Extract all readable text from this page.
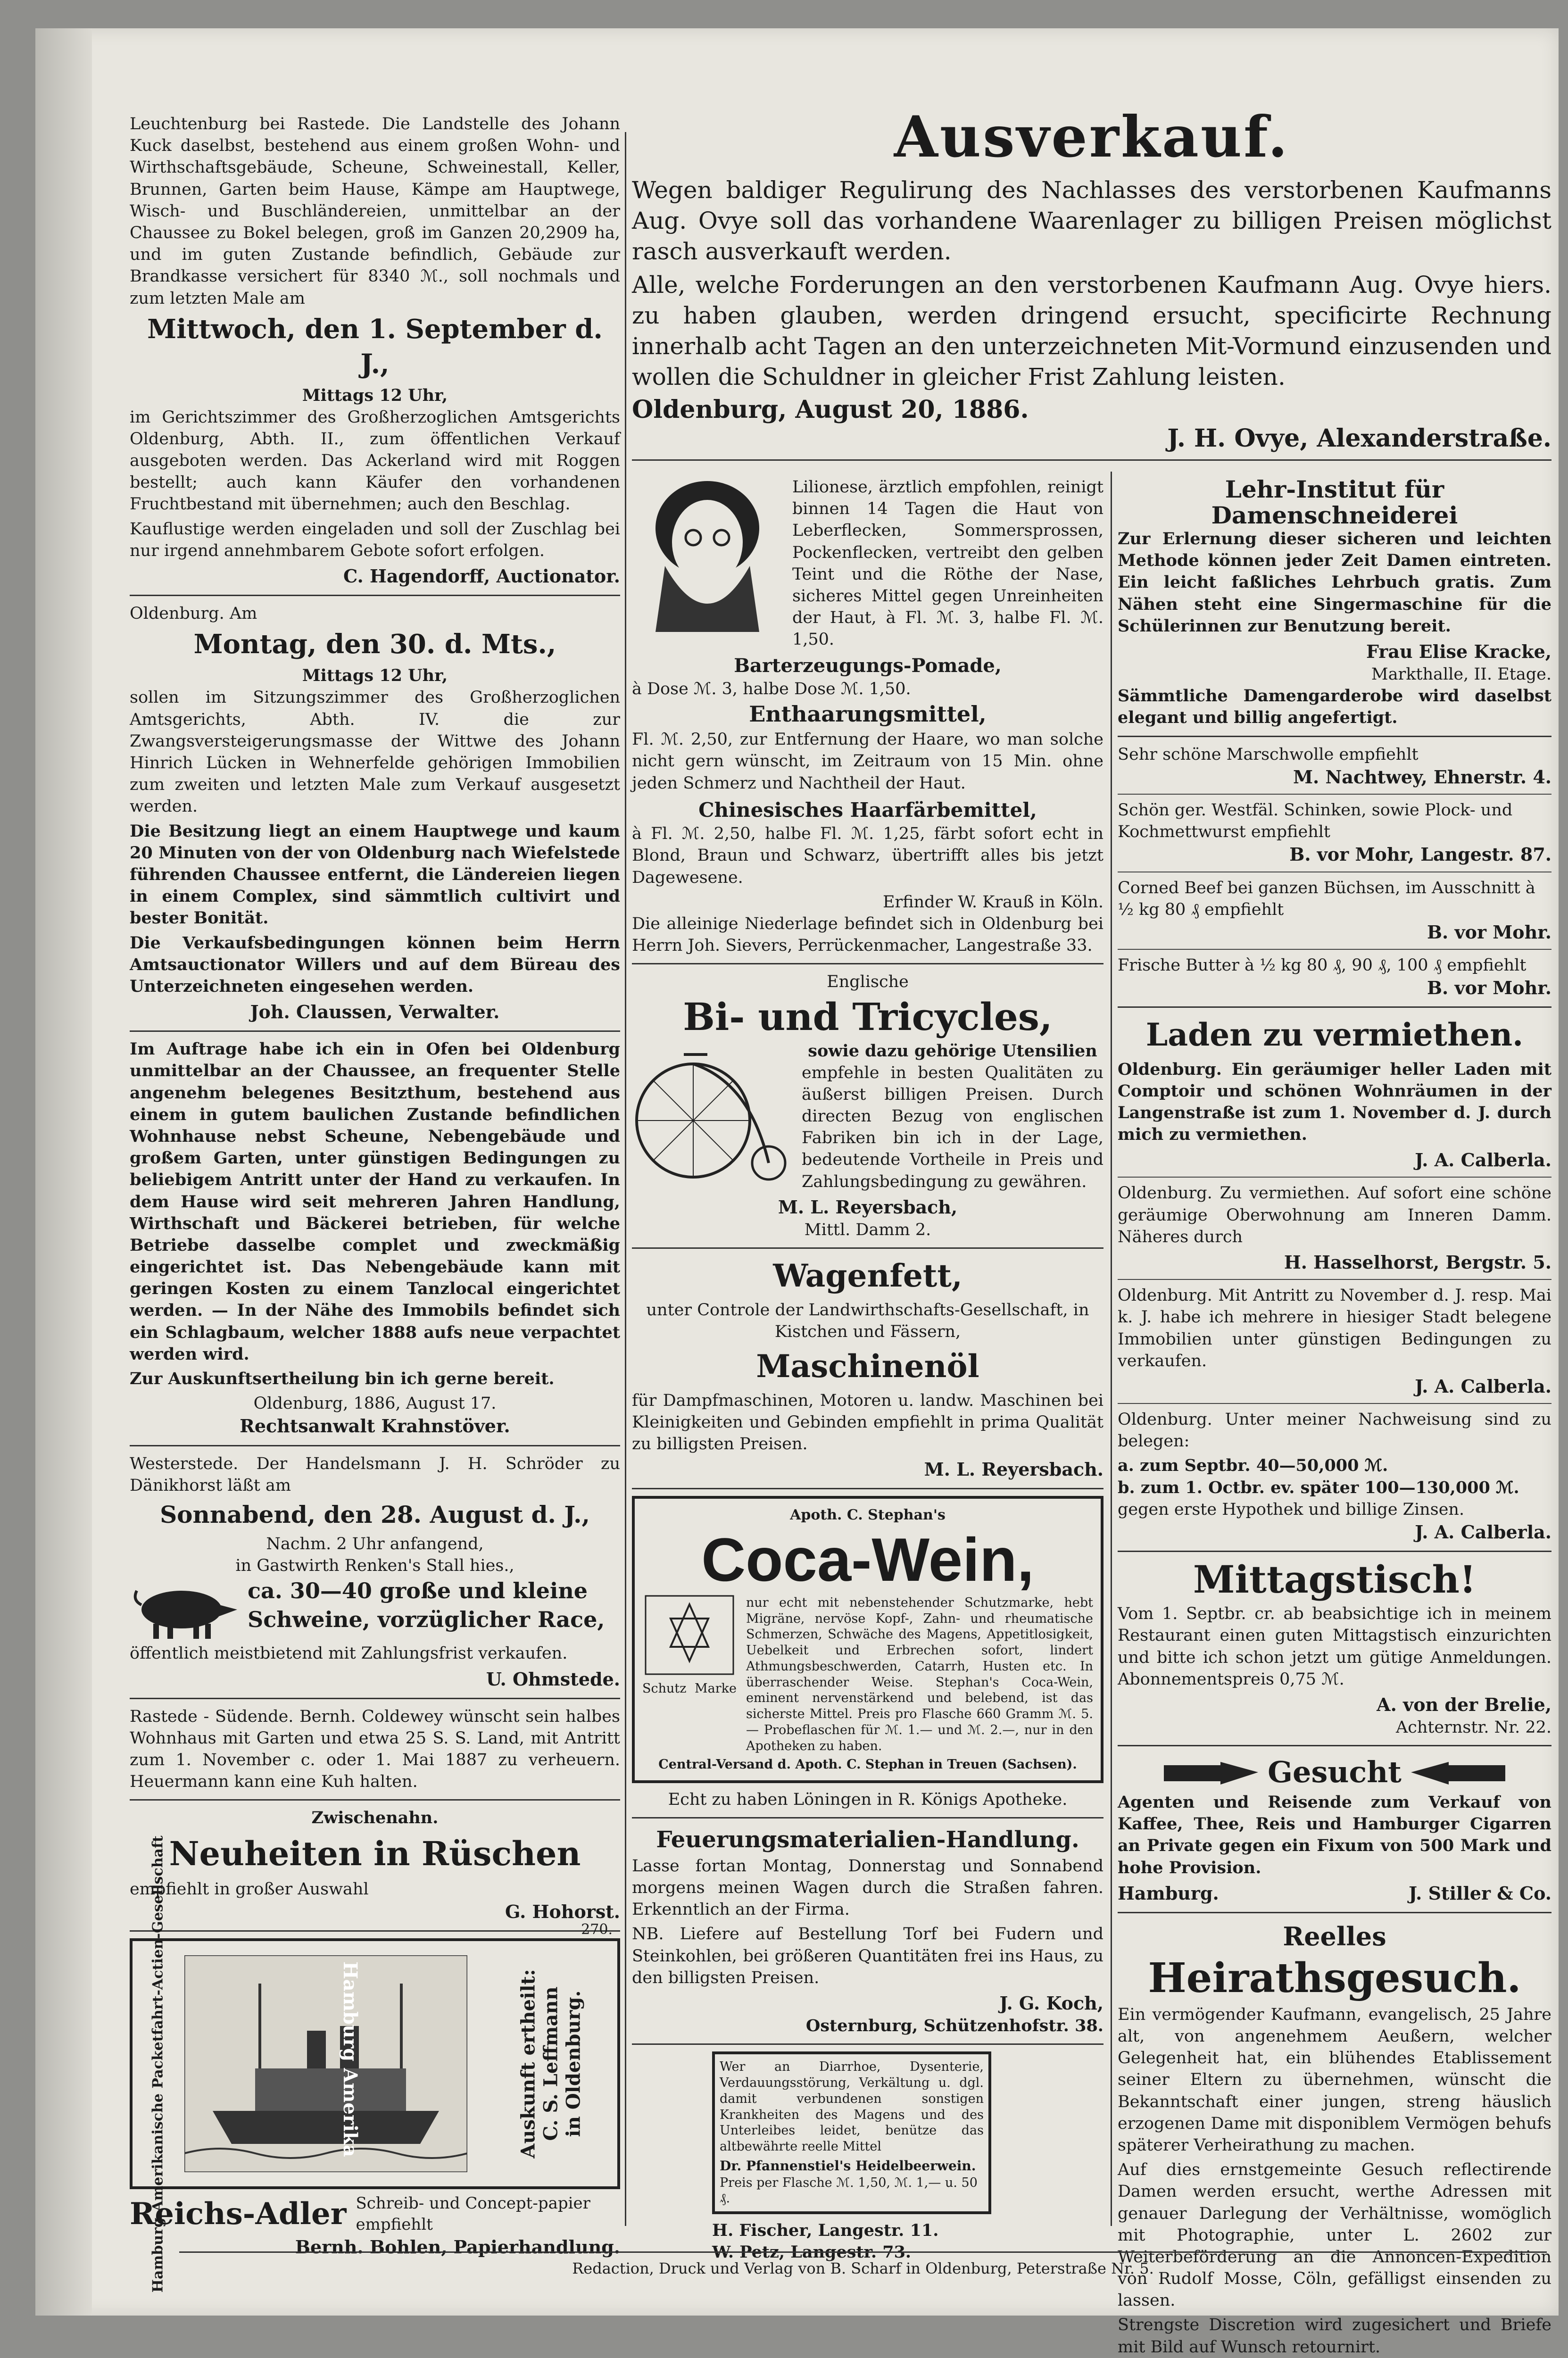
Ausverkauf.

Wegen baldiger Regulirung des Nachlasses des verstorbenen Kaufmanns Aug. Ovye soll das vorhandene Waarenlager zu billigen Preisen möglichst rasch ausverkauft werden.

Alle, welche Forderungen an den verstorbenen Kaufmann Aug. Ovye hiers. zu haben glauben, werden dringend ersucht, specificirte Rechnung innerhalb acht Tagen an den unterzeichneten Mit-Vormund einzusenden und wollen die Schuldner in gleicher Frist Zahlung leisten.

Oldenburg, August 20, 1886.
J. H. Ovye, Alexanderstraße.

Leuchtenburg bei Rastede. Die Landstelle des Johann Kuck daselbst, bestehend aus einem großen Wohn- und Wirthschaftsgebäude, Scheune, Schweinestall, Keller, Brunnen, Garten beim Hause, Kämpe am Hauptwege, Wisch- und Buschländereien, unmittelbar an der Chaussee zu Bokel belegen, groß im Ganzen 20,2909 ha, und im guten Zustande befindlich, Gebäude zur Brandkasse versichert für 8340 ℳ., soll nochmals und zum letzten Male am

Mittwoch, den 1. September d. J.,
Mittags 12 Uhr,

im Gerichtszimmer des Großherzoglichen Amtsgerichts Oldenburg, Abth. II., zum öffentlichen Verkauf ausgeboten werden. Das Ackerland wird mit Roggen bestellt; auch kann Käufer den vorhandenen Fruchtbestand mit übernehmen; auch den Beschlag.

Kauflustige werden eingeladen und soll der Zuschlag bei nur irgend annehmbarem Gebote sofort erfolgen.

C. Hagendorff, Auctionator.
Oldenburg. Am
Montag, den 30. d. Mts.,
Mittags 12 Uhr,

sollen im Sitzungszimmer des Großherzoglichen Amtsgerichts, Abth. IV. die zur Zwangsversteigerungsmasse der Wittwe des Johann Hinrich Lücken in Wehnerfelde gehörigen Immobilien zum zweiten und letzten Male zum Verkauf ausgesetzt werden.

Die Besitzung liegt an einem Hauptwege und kaum 20 Minuten von der von Oldenburg nach Wiefelstede führenden Chaussee entfernt, die Ländereien liegen in einem Complex, sind sämmtlich cultivirt und bester Bonität.

Die Verkaufsbedingungen können beim Herrn Amtsauctionator Willers und auf dem Büreau des Unterzeichneten eingesehen werden.

Joh. Claussen, Verwalter.

Im Auftrage habe ich ein in Ofen bei Oldenburg unmittelbar an der Chaussee, an frequenter Stelle angenehm belegenes Besitzthum, bestehend aus einem in gutem baulichen Zustande befindlichen Wohnhause nebst Scheune, Nebengebäude und großem Garten, unter günstigen Bedingungen zu beliebigem Antritt unter der Hand zu verkaufen. In dem Hause wird seit mehreren Jahren Handlung, Wirthschaft und Bäckerei betrieben, für welche Betriebe dasselbe complet und zweckmäßig eingerichtet ist. Das Nebengebäude kann mit geringen Kosten zu einem Tanzlocal eingerichtet werden. — In der Nähe des Immobils befindet sich ein Schlagbaum, welcher 1888 aufs neue verpachtet werden wird.

Zur Auskunftsertheilung bin ich gerne bereit.

Oldenburg, 1886, August 17.
Rechtsanwalt Krahnstöver.

Westerstede. Der Handelsmann J. H. Schröder zu Dänikhorst läßt am

Sonnabend, den 28. August d. J.,
Nachm. 2 Uhr anfangend,
in Gastwirth Renken's Stall hies.,
ca. 30—40 große und kleine Schweine, vorzüglicher Race,

öffentlich meistbietend mit Zahlungsfrist verkaufen.

U. Ohmstede.

Rastede - Südende. Bernh. Coldewey wünscht sein halbes Wohnhaus mit Garten und etwa 25 S. S. Land, mit Antritt zum 1. November c. oder 1. Mai 1887 zu verheuern. Heuermann kann eine Kuh halten.

Zwischenahn.
Neuheiten in Rüschen
empfiehlt in großer Auswahl
G. Hohorst.
270.
Hamburg-Amerikanische Packetfahrt-Actien-Gesellschaft	Hamburg Amerika	Auskunft ertheilt: C. S. Leffmann in Oldenburg.
Reichs-Adler Schreib- und Concept-papier empfiehlt
Bernh. Bohlen, Papierhandlung.

Lilionese, ärztlich empfohlen, reinigt binnen 14 Tagen die Haut von Leberflecken, Sommersprossen, Pockenflecken, vertreibt den gelben Teint und die Röthe der Nase, sicheres Mittel gegen Unreinheiten der Haut, à Fl. ℳ. 3, halbe Fl. ℳ. 1,50.

Barterzeugungs-Pomade,
à Dose ℳ. 3, halbe Dose ℳ. 1,50.
Enthaarungsmittel,

Fl. ℳ. 2,50, zur Entfernung der Haare, wo man solche nicht gern wünscht, im Zeitraum von 15 Min. ohne jeden Schmerz und Nachtheil der Haut.

Chinesisches Haarfärbemittel,

à Fl. ℳ. 2,50, halbe Fl. ℳ. 1,25, färbt sofort echt in Blond, Braun und Schwarz, übertrifft alles bis jetzt Dagewesene.

Erfinder W. Krauß in Köln.

Die alleinige Niederlage befindet sich in Oldenburg bei Herrn Joh. Sievers, Perrückenmacher, Langestraße 33.

Englische
Bi- und Tricycles,
sowie dazu gehörige Utensilien

empfehle in besten Qualitäten zu äußerst billigen Preisen. Durch directen Bezug von englischen Fabriken bin ich in der Lage, bedeutende Vortheile in Preis und Zahlungsbedingung zu gewähren.

M. L. Reyersbach,
Mittl. Damm 2.
Wagenfett,
unter Controle der Landwirthschafts-Gesellschaft, in Kistchen und Fässern,
Maschinenöl

für Dampfmaschinen, Motoren u. landw. Maschinen bei Kleinigkeiten und Gebinden empfiehlt in prima Qualität zu billigsten Preisen.

M. L. Reyersbach.
Apoth. C. Stephan's
Coca-Wein,
Schutz Marke

nur echt mit nebenstehender Schutzmarke, hebt Migräne, nervöse Kopf-, Zahn- und rheumatische Schmerzen, Schwäche des Magens, Appetitlosigkeit, Uebelkeit und Erbrechen sofort, lindert Athmungsbeschwerden, Catarrh, Husten etc. In überraschender Weise. Stephan's Coca-Wein, eminent nervenstärkend und belebend, ist das sicherste Mittel. Preis pro Flasche 660 Gramm ℳ. 5.— Probeflaschen für ℳ. 1.— und ℳ. 2.—, nur in den Apotheken zu haben.

Central-Versand d. Apoth. C. Stephan in Treuen (Sachsen).
Echt zu haben Löningen in R. Königs Apotheke.
Feuerungsmaterialien-Handlung.

Lasse fortan Montag, Donnerstag und Sonnabend morgens meinen Wagen durch die Straßen fahren. Erkenntlich an der Firma.

NB. Liefere auf Bestellung Torf bei Fudern und Steinkohlen, bei größeren Quantitäten frei ins Haus, zu den billigsten Preisen.

J. G. Koch,
Osternburg, Schützenhofstr. 38.

Wer an Diarrhoe, Dysenterie, Verdauungsstörung, Verkältung u. dgl. damit verbundenen sonstigen Krankheiten des Magens und des Unterleibes leidet, benütze das altbewährte reelle Mittel

Dr. Pfannenstiel's Heidelbeerwein.
Preis per Flasche ℳ. 1,50, ℳ. 1,— u. 50 ₰.
H. Fischer, Langestr. 11.
W. Petz, Langestr. 73.
Lehr-Institut für Damenschneiderei

Zur Erlernung dieser sicheren und leichten Methode können jeder Zeit Damen eintreten. Ein leicht faßliches Lehrbuch gratis. Zum Nähen steht eine Singermaschine für die Schülerinnen zur Benutzung bereit.

Frau Elise Kracke,
Markthalle, II. Etage.

Sämmtliche Damengarderobe wird daselbst elegant und billig angefertigt.

Sehr schöne Marschwolle empfiehlt
M. Nachtwey, Ehnerstr. 4.
Schön ger. Westfäl. Schinken, sowie Plock- und Kochmettwurst empfiehlt
B. vor Mohr, Langestr. 87.
Corned Beef bei ganzen Büchsen, im Ausschnitt à ½ kg 80 ₰ empfiehlt
B. vor Mohr.
Frische Butter à ½ kg 80 ₰, 90 ₰, 100 ₰ empfiehlt
B. vor Mohr.
Laden zu vermiethen.

Oldenburg. Ein geräumiger heller Laden mit Comptoir und schönen Wohnräumen in der Langenstraße ist zum 1. November d. J. durch mich zu vermiethen.

J. A. Calberla.

Oldenburg. Zu vermiethen. Auf sofort eine schöne geräumige Oberwohnung am Inneren Damm. Näheres durch

H. Hasselhorst, Bergstr. 5.

Oldenburg. Mit Antritt zu November d. J. resp. Mai k. J. habe ich mehrere in hiesiger Stadt belegene Immobilien unter günstigen Bedingungen zu verkaufen.

J. A. Calberla.

Oldenburg. Unter meiner Nachweisung sind zu belegen:

a. zum Septbr. 40—50,000 ℳ.
b. zum 1. Octbr. ev. später 100—130,000 ℳ.
gegen erste Hypothek und billige Zinsen.
J. A. Calberla.
Mittagstisch!

Vom 1. Septbr. cr. ab beabsichtige ich in meinem Restaurant einen guten Mittagstisch einzurichten und bitte ich schon jetzt um gütige Anmeldungen. Abonnementspreis 0,75 ℳ.

A. von der Brelie,
Achternstr. Nr. 22.
Gesucht

Agenten und Reisende zum Verkauf von Kaffee, Thee, Reis und Hamburger Cigarren an Private gegen ein Fixum von 500 Mark und hohe Provision.

Hamburg.	J. Stiller & Co.
Reelles
Heirathsgesuch.

Ein vermögender Kaufmann, evangelisch, 25 Jahre alt, von angenehmem Aeußern, welcher Gelegenheit hat, ein blühendes Etablissement seiner Eltern zu übernehmen, wünscht die Bekanntschaft einer jungen, streng häuslich erzogenen Dame mit disponiblem Vermögen behufs späterer Verheirathung zu machen.

Auf dies ernstgemeinte Gesuch reflectirende Damen werden ersucht, werthe Adressen mit genauer Darlegung der Verhältnisse, womöglich mit Photographie, unter L. 2602 zur Weiterbeförderung an die Annoncen-Expedition von Rudolf Mosse, Cöln, gefälligst einsenden zu lassen.

Strengste Discretion wird zugesichert und Briefe mit Bild auf Wunsch retournirt.

Redaction, Druck und Verlag von B. Scharf in Oldenburg, Peterstraße Nr. 5.
